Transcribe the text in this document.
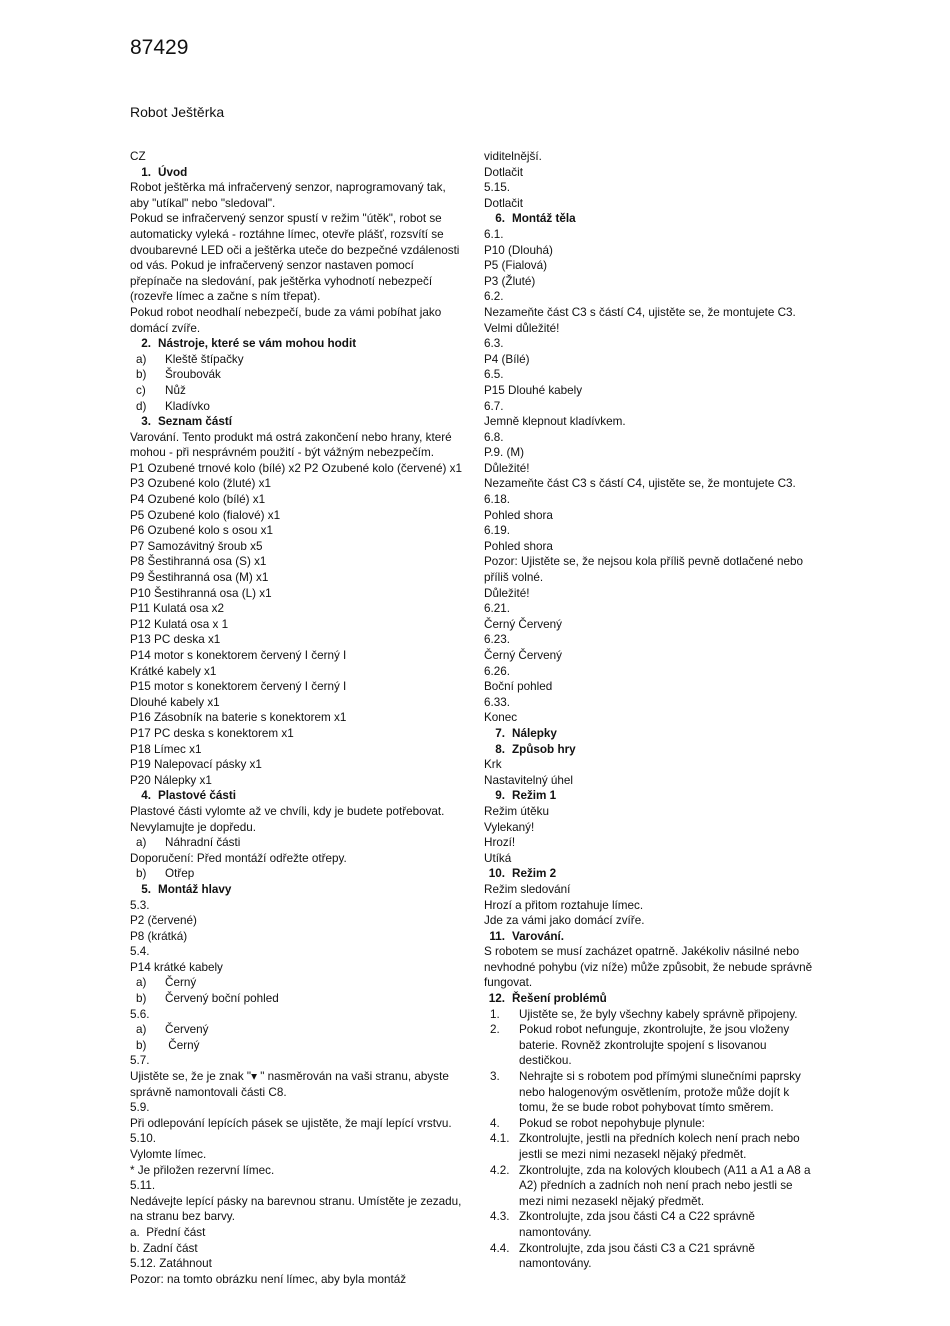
87429
Robot Ještěrka
CZ
1. Úvod
Robot ještěrka má infračervený senzor, naprogramovaný tak,
aby "utíkal" nebo "sledoval".
Pokud se infračervený senzor spustí v režim "útěk", robot se
automaticky vyleká - roztáhne límec, otevře plášť, rozsvítí se
dvoubarevné LED oči a ještěrka uteče do bezpečné vzdálenosti
od vás. Pokud je infračervený senzor nastaven pomocí
přepínače na sledování, pak ještěrka vyhodnotí nebezpečí
(rozevře límec a začne s ním třepat).
Pokud robot neodhalí nebezpečí, bude za vámi pobíhat jako
domácí zvíře.
2. Nástroje, které se vám mohou hodit
a)	Kleště štípačky
b)	Šroubovák
c)	Nůž
d)	Kladívko
3. Seznam částí
Varování. Tento produkt má ostrá zakončení nebo hrany, které
mohou - při nesprávném použití - být vážným nebezpečím.
P1 Ozubené trnové kolo (bílé) x2 P2 Ozubené kolo (červené) x1
P3 Ozubené kolo (žluté) x1
P4 Ozubené kolo (bílé) x1
P5 Ozubené kolo (fialové) x1
P6 Ozubené kolo s osou x1
P7 Samozávitný šroub x5
P8 Šestihranná osa (S) x1
P9 Šestihranná osa (M) x1
P10 Šestihranná osa (L) x1
P11 Kulatá osa x2
P12 Kulatá osa x 1
P13 PC deska x1
P14 motor s konektorem červený I černý I
Krátké kabely x1
P15 motor s konektorem červený I černý I
Dlouhé kabely x1
P16 Zásobník na baterie s konektorem x1
P17 PC deska s konektorem x1
P18 Límec x1
P19 Nalepovací pásky x1
P20 Nálepky x1
4. Plastové části
Plastové části vylomte až ve chvíli, kdy je budete potřebovat.
Nevylamujte je dopředu.
a)	Náhradní části
Doporučení: Před montáží odřežte otřepy.
b)	Otřep
5. Montáž hlavy
5.3.
P2 (červené)
P8 (krátká)
5.4.
P14 krátké kabely
a)	Černý
b)	Červený boční pohled
5.6.
a)	Červený
b)	Černý
5.7.
Ujistěte se, že je znak "▾ " nasměrován na vaši stranu, abyste
správně namontovali části C8.
5.9.
Při odlepování lepících pásek se ujistěte, že mají lepící vrstvu.
5.10.
Vylomte límec.
* Je přiložen rezervní límec.
5.11.
Nedávejte lepící pásky na barevnou stranu. Umístěte je zezadu,
na stranu bez barvy.
a.  Přední část
b. Zadní část
5.12. Zatáhnout
Pozor: na tomto obrázku není límec, aby byla montáž
viditelnější.
Dotlačit
5.15.
Dotlačit
6. Montáž těla
6.1.
P10 (Dlouhá)
P5 (Fialová)
P3 (Žluté)
6.2.
Nezameňte část C3 s částí C4, ujistěte se, že montujete C3.
Velmi důležité!
6.3.
P4 (Bílé)
6.5.
P15 Dlouhé kabely
6.7.
Jemně klepnout kladívkem.
6.8.
P.9. (M)
Důležité!
Nezameňte část C3 s částí C4, ujistěte se, že montujete C3.
6.18.
Pohled shora
6.19.
Pohled shora
Pozor: Ujistěte se, že nejsou kola příliš pevně dotlačené nebo
příliš volné.
Důležité!
6.21.
Černý Červený
6.23.
Černý Červený
6.26.
Boční pohled
6.33.
Konec
7. Nálepky
8. Způsob hry
Krk
Nastavitelný úhel
9. Režim 1
Režim útěku
Vylekaný!
Hrozí!
Utíká
10. Režim 2
Režim sledování
Hrozí a přitom roztahuje límec.
Jde za vámi jako domácí zvíře.
11. Varování.
S robotem se musí zacházet opatrně. Jakékoliv násilné nebo
nevhodné pohybu (viz níže) může způsobit, že nebude správně
fungovat.
12. Řešení problémů
1.	Ujistěte se, že byly všechny kabely správně připojeny.
2.	Pokud robot nefunguje, zkontrolujte, že jsou vloženy baterie. Rovněž zkontrolujte spojení s lisovanou destičkou.
3.	Nehrajte si s robotem pod přímými slunečními paprsky nebo halogenovým osvětlením, protože může dojít k tomu, že se bude robot pohybovat tímto směrem.
4.	Pokud se robot nepohybuje plynule:
4.1. Zkontrolujte, jestli na předních kolech není prach nebo jestli se mezi nimi nezasekl nějaký předmět.
4.2. Zkontrolujte, zda na kolových kloubech (A11 a A1 a A8 a A2) předních a zadních noh není prach nebo jestli se mezi nimi nezasekl nějaký předmět.
4.3. Zkontrolujte, zda jsou části C4 a C22 správně namontovány.
4.4. Zkontrolujte, zda jsou části C3 a C21 správně namontovány.
